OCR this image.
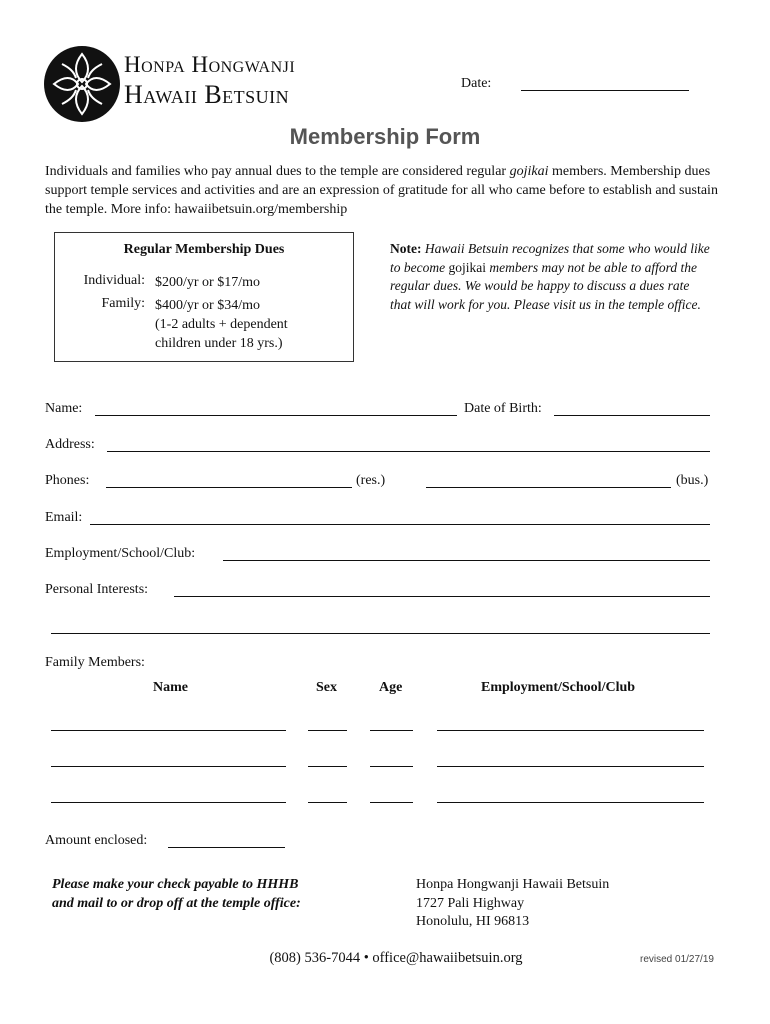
Honpa Hongwanji
Hawaii Betsuin	Date:
Membership Form
Individuals and families who pay annual dues to the temple are considered regular gojikai members. Membership dues support temple services and activities and are an expression of gratitude for all who came before to establish and sustain the temple. More info: hawaiibetsuin.org/membership
Regular Membership Dues
Individual: $200/yr or $17/mo
Family: $400/yr or $34/mo
(1-2 adults + dependent children under 18 yrs.)
Note: Hawaii Betsuin recognizes that some who would like to become gojikai members may not be able to afford the regular dues. We would be happy to discuss a dues rate that will work for you. Please visit us in the temple office.
Name:	Date of Birth:
Address:
Phones:	(res.)	(bus.)
Email:
Employment/School/Club:
Personal Interests:
Family Members:
Name	Sex	Age	Employment/School/Club
Amount enclosed:
Please make your check payable to HHHB
and mail to or drop off at the temple office:
Honpa Hongwanji Hawaii Betsuin
1727 Pali Highway
Honolulu, HI 96813
(808) 536-7044 • office@hawaiibetsuin.org	revised 01/27/19
